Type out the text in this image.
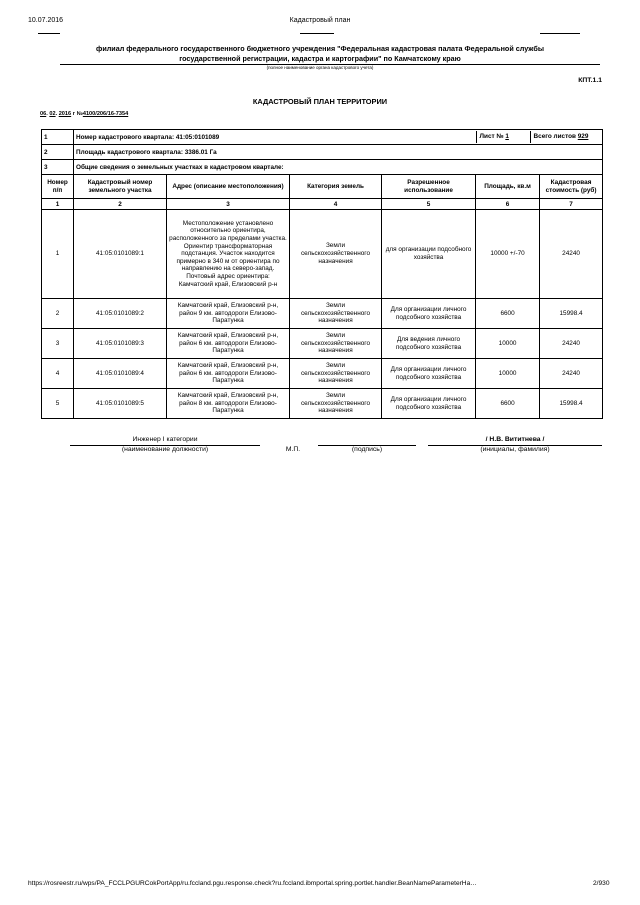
10.07.2016	Кадастровый план
филиал федерального государственного бюджетного учреждения "Федеральная кадастровая палата Федеральной службы
государственной регистрации, кадастра и картографии" по Камчатскому краю
(полное наименование органа кадастрового учета)
КПТ.1.1
КАДАСТРОВЫЙ ПЛАН ТЕРРИТОРИИ
06. 02. 2016 г №4100/206/16-7354
1	Номер кадастрового квартала: 41:05:0101089				Лист № 1 Всего листов 929	

2	Площадь кадастрового квартала: 3386.01 Га					
3	Общие сведения о земельных участках в кадастровом квартале:					
Номер п/п	Кадастровый номер земельного участка	Адрес (описание местоположения)	Категория земель	Разрешенное использование	Площадь, кв.м	Кадастровая стоимость (руб)
1	2	3	4	5	6	7
1	41:05:0101089:1	Местоположение установлено относительно ориентира, расположенного за пределами участка. Ориентир трансформаторная подстанция. Участок находится примерно в 340 м от ориентира по направлению на северо-запад. Почтовый адрес ориентира: Камчатский край, Елизовский р-н	Земли сельскохозяйственного назначения	для организации подсобного хозяйства	10000 +/-70	24240
2	41:05:0101089:2	Камчатский край, Елизовский р-н, район 9 км. автодороги Елизово-Паратунка	Земли сельскохозяйственного назначения	Для организации личного подсобного хозяйства	6600	15998.4
3	41:05:0101089:3	Камчатский край, Елизовский р-н, район 6 км. автодороги Елизово-Паратунка	Земли сельскохозяйственного назначения	Для ведения личного подсобного хозяйства	10000	24240
4	41:05:0101089:4	Камчатский край, Елизовский р-н, район 6 км. автодороги Елизово-Паратунка	Земли сельскохозяйственного назначения	Для организации личного подсобного хозяйства	10000	24240
5	41:05:0101089:5	Камчатский край, Елизовский р-н, район 8 км. автодороги Елизово-Паратунка	Земли сельскохозяйственного назначения	Для организации личного подсобного хозяйства	6600	15998.4
Инженер I категории
(наименование должности)	М.П.	(подпись)
/ Н.В. Вититнева /
(инициалы, фамилия)
https://rosreestr.ru/wps/PA_FCCLPGURCokPortApp/ru.fccland.pgu.response.check?ru.fccland.ibmportal.spring.portlet.handler.BeanNameParameterHa…	2/930
